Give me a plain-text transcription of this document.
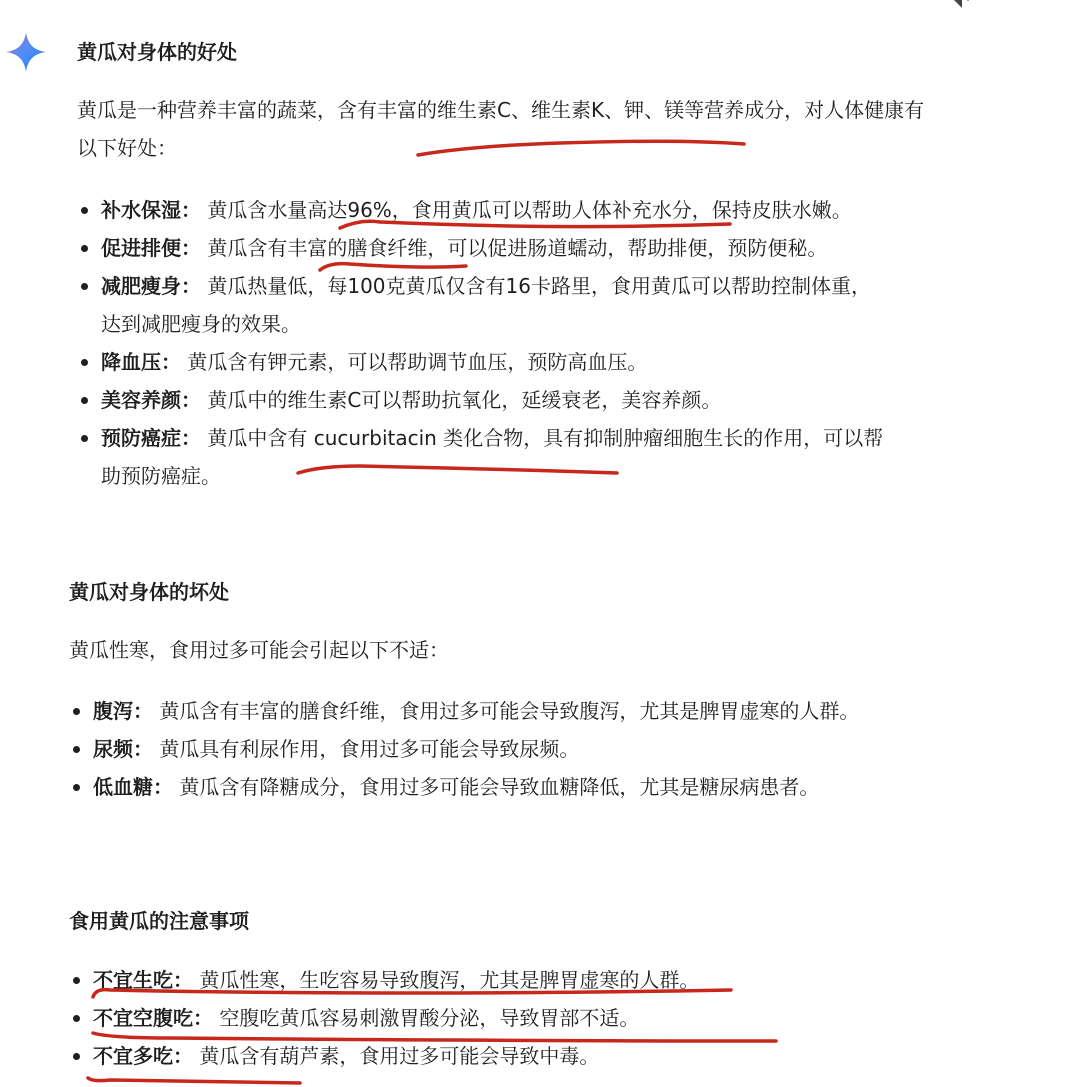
黄瓜对身体的好处

黄瓜是一种营养丰富的蔬菜，含有丰富的维生素C、维生素K、钾、镁等营养成分，对人体健康有以下好处：

补水保湿： 黄瓜含水量高达96%，食用黄瓜可以帮助人体补充水分，保持皮肤水嫩。
促进排便： 黄瓜含有丰富的膳食纤维，可以促进肠道蠕动，帮助排便，预防便秘。
减肥瘦身： 黄瓜热量低，每100克黄瓜仅含有16卡路里，食用黄瓜可以帮助控制体重，达到减肥瘦身的效果。
降血压： 黄瓜含有钾元素，可以帮助调节血压，预防高血压。
美容养颜： 黄瓜中的维生素C可以帮助抗氧化，延缓衰老，美容养颜。
预防癌症： 黄瓜中含有 cucurbitacin 类化合物，具有抑制肿瘤细胞生长的作用，可以帮助预防癌症。
黄瓜对身体的坏处

黄瓜性寒，食用过多可能会引起以下不适：

腹泻： 黄瓜含有丰富的膳食纤维，食用过多可能会导致腹泻，尤其是脾胃虚寒的人群。
尿频： 黄瓜具有利尿作用，食用过多可能会导致尿频。
低血糖： 黄瓜含有降糖成分，食用过多可能会导致血糖降低，尤其是糖尿病患者。
食用黄瓜的注意事项
不宜生吃： 黄瓜性寒，生吃容易导致腹泻，尤其是脾胃虚寒的人群。
不宜空腹吃： 空腹吃黄瓜容易刺激胃酸分泌，导致胃部不适。
不宜多吃： 黄瓜含有葫芦素，食用过多可能会导致中毒。
